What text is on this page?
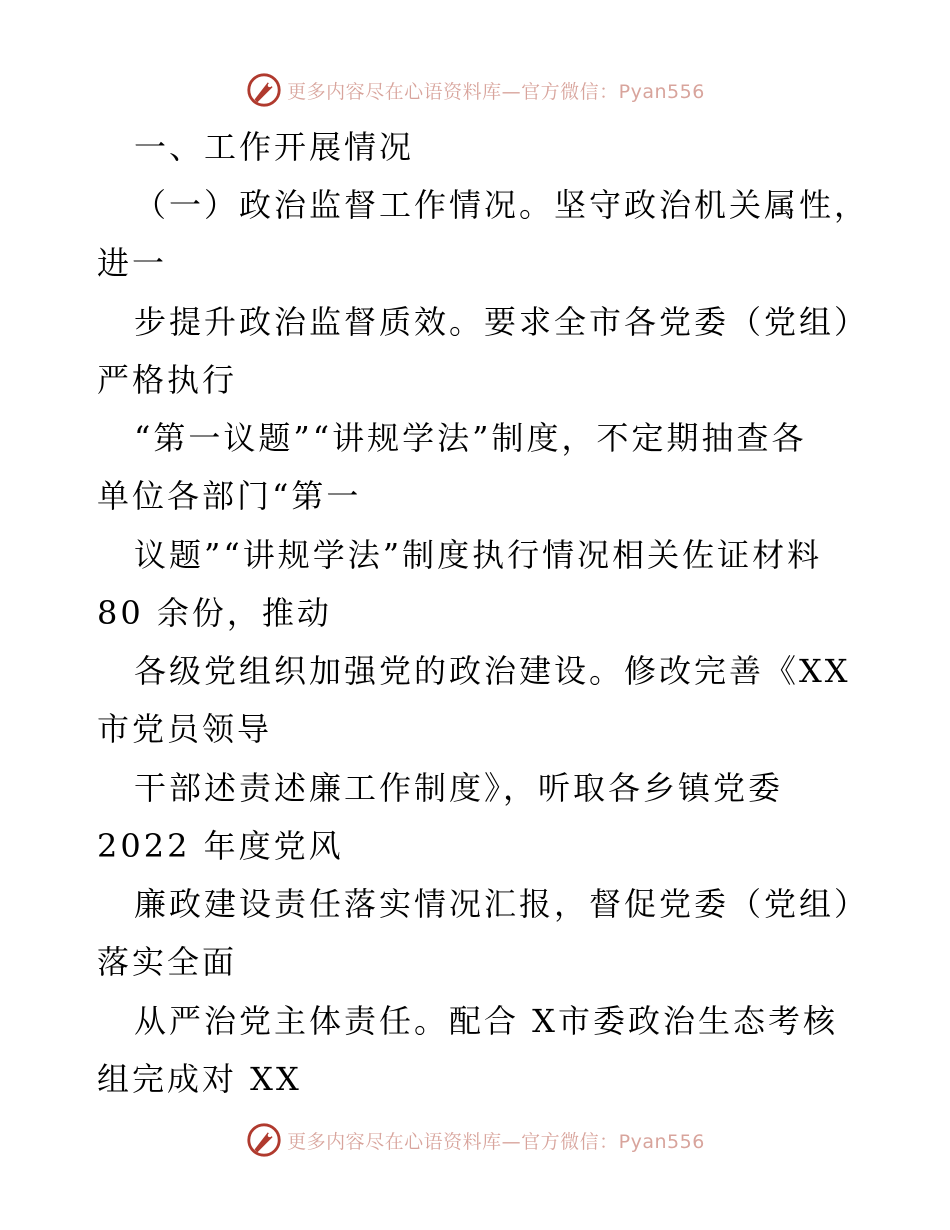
更多内容尽在心语资料库—官方微信：Pyan556
一、工作开展情况
（一）政治监督工作情况。坚守政治机关属性，
进一
步提升政治监督质效。要求全市各党委（党组）
严格执行
“第一议题”“讲规学法”制度，不定期抽查各
单位各部门“第一
议题”“讲规学法”制度执行情况相关佐证材料
80 余份，推动
各级党组织加强党的政治建设。修改完善《XX
市党员领导
干部述责述廉工作制度》，听取各乡镇党委
2022 年度党风
廉政建设责任落实情况汇报，督促党委（党组）
落实全面
从严治党主体责任。配合 X市委政治生态考核
组完成对 XX
更多内容尽在心语资料库—官方微信：Pyan556
